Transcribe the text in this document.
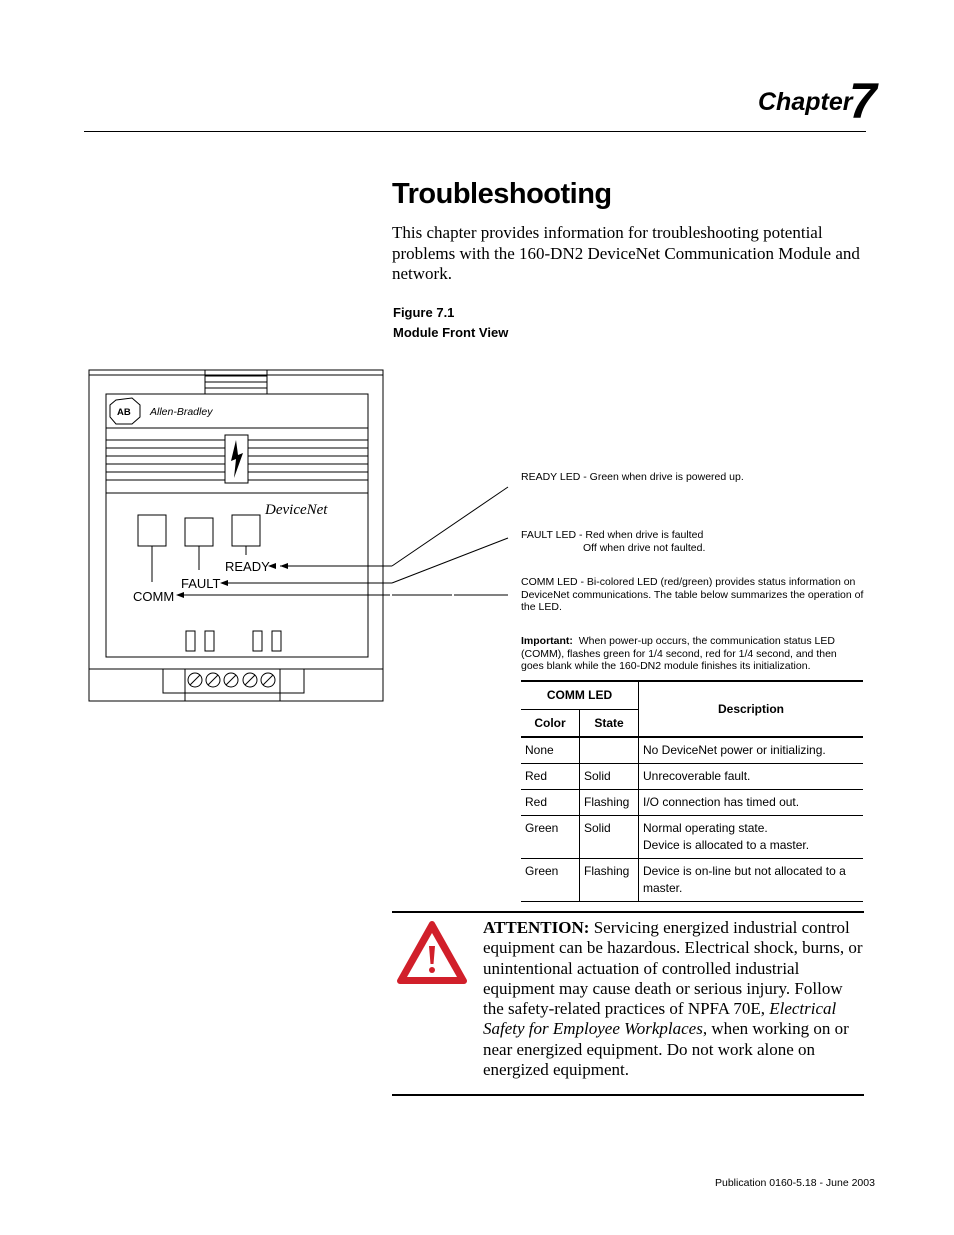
Chapter
7
Troubleshooting
This chapter provides information for troubleshooting potential problems with the 160-DN2 DeviceNet Communication Module and network.
Figure 7.1
Module Front View
AB Allen-Bradley
DeviceNet
READY
FAULT
COMM
READY LED - Green when drive is powered up.
FAULT LED - Red when drive is faulted
Off when drive not faulted.
COMM LED - Bi-colored LED (red/green) provides status information on DeviceNet communications. The table below summarizes the operation of the LED.
Important: When power-up occurs, the communication status LED (COMM), flashes green for 1/4 second, red for 1/4 second, and then goes blank while the 160-DN2 module finishes its initialization.
COMM LED		Description
Color	State	
None		No DeviceNet power or initializing.
Red	Solid	Unrecoverable fault.
Red	Flashing	I/O connection has timed out.
Green	Solid	Normal operating state.
Device is allocated to a master.
Green	Flashing	Device is on-line but not allocated to a
master.
ATTENTION: Servicing energized industrial control equipment can be hazardous. Electrical shock, burns, or unintentional actuation of controlled industrial equipment may cause death or serious injury. Follow the safety-related practices of NPFA 70E, Electrical Safety for Employee Workplaces, when working on or near energized equipment. Do not work alone on energized equipment.
Publication 0160-5.18 - June 2003
